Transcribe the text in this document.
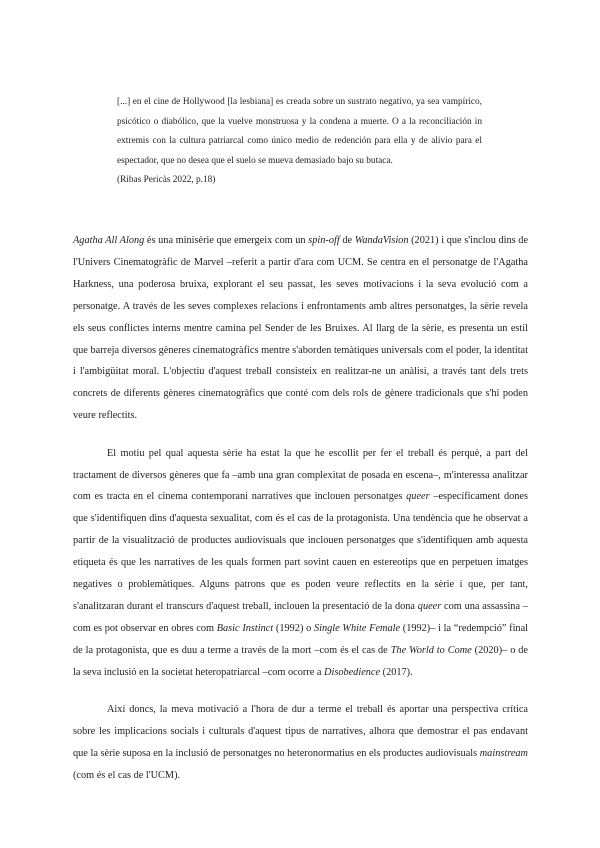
[...] en el cine de Hollywood [la lesbiana] es creada sobre un sustrato negativo, ya sea vampírico, psicótico o diabólico, que la vuelve monstruosa y la condena a muerte. O a la reconciliación in extremis con la cultura patriarcal como único medio de redención para ella y de alivio para el espectador, que no desea que el suelo se mueva demasiado bajo su butaca.

(Ribas Pericàs 2022, p.18)

Agatha All Along és una minisèrie que emergeix com un spin-off de WandaVision (2021) i que s'inclou dins de l'Univers Cinematogràfic de Marvel –referit a partir d'ara com UCM. Se centra en el personatge de l'Agatha Harkness, una poderosa bruixa, explorant el seu passat, les seves motivacions i la seva evolució com a personatge. A través de les seves complexes relacions i enfrontaments amb altres personatges, la sèrie revela els seus conflictes interns mentre camina pel Sender de les Bruixes. Al llarg de la sèrie, es presenta un estil que barreja diversos gèneres cinematogràfics mentre s'aborden temàtiques universals com el poder, la identitat i l'ambigüitat moral. L'objectiu d'aquest treball consisteix en realitzar-ne un anàlisi, a través tant dels trets concrets de diferents gèneres cinematogràfics que conté com dels rols de gènere tradicionals que s'hi poden veure reflectits.

El motiu pel qual aquesta sèrie ha estat la que he escollit per fer el treball és perquè, a part del tractament de diversos gèneres que fa –amb una gran complexitat de posada en escena–, m'interessa analitzar com es tracta en el cinema contemporani narratives que inclouen personatges queer –específicament dones que s'identifiquen dins d'aquesta sexualitat, com és el cas de la protagonista. Una tendència que he observat a partir de la visualització de productes audiovisuals que inclouen personatges que s'identifiquen amb aquesta etiqueta és que les narratives de les quals formen part sovint cauen en estereotips que en perpetuen imatges negatives o problemàtiques. Alguns patrons que es poden veure reflectits en la sèrie i que, per tant, s'analitzaran durant el transcurs d'aquest treball, inclouen la presentació de la dona queer com una assassina –com es pot observar en obres com Basic Instinct (1992) o Single White Female (1992)– i la “redempció” final de la protagonista, que es duu a terme a través de la mort –com és el cas de The World to Come (2020)– o de la seva inclusió en la societat heteropatriarcal –com ocorre a Disobedience (2017).

Així doncs, la meva motivació a l'hora de dur a terme el treball és aportar una perspectiva crítica sobre les implicacions socials i culturals d'aquest tipus de narratives, alhora que demostrar el pas endavant que la sèrie suposa en la inclusió de personatges no heteronormatius en els productes audiovisuals mainstream (com és el cas de l'UCM).
